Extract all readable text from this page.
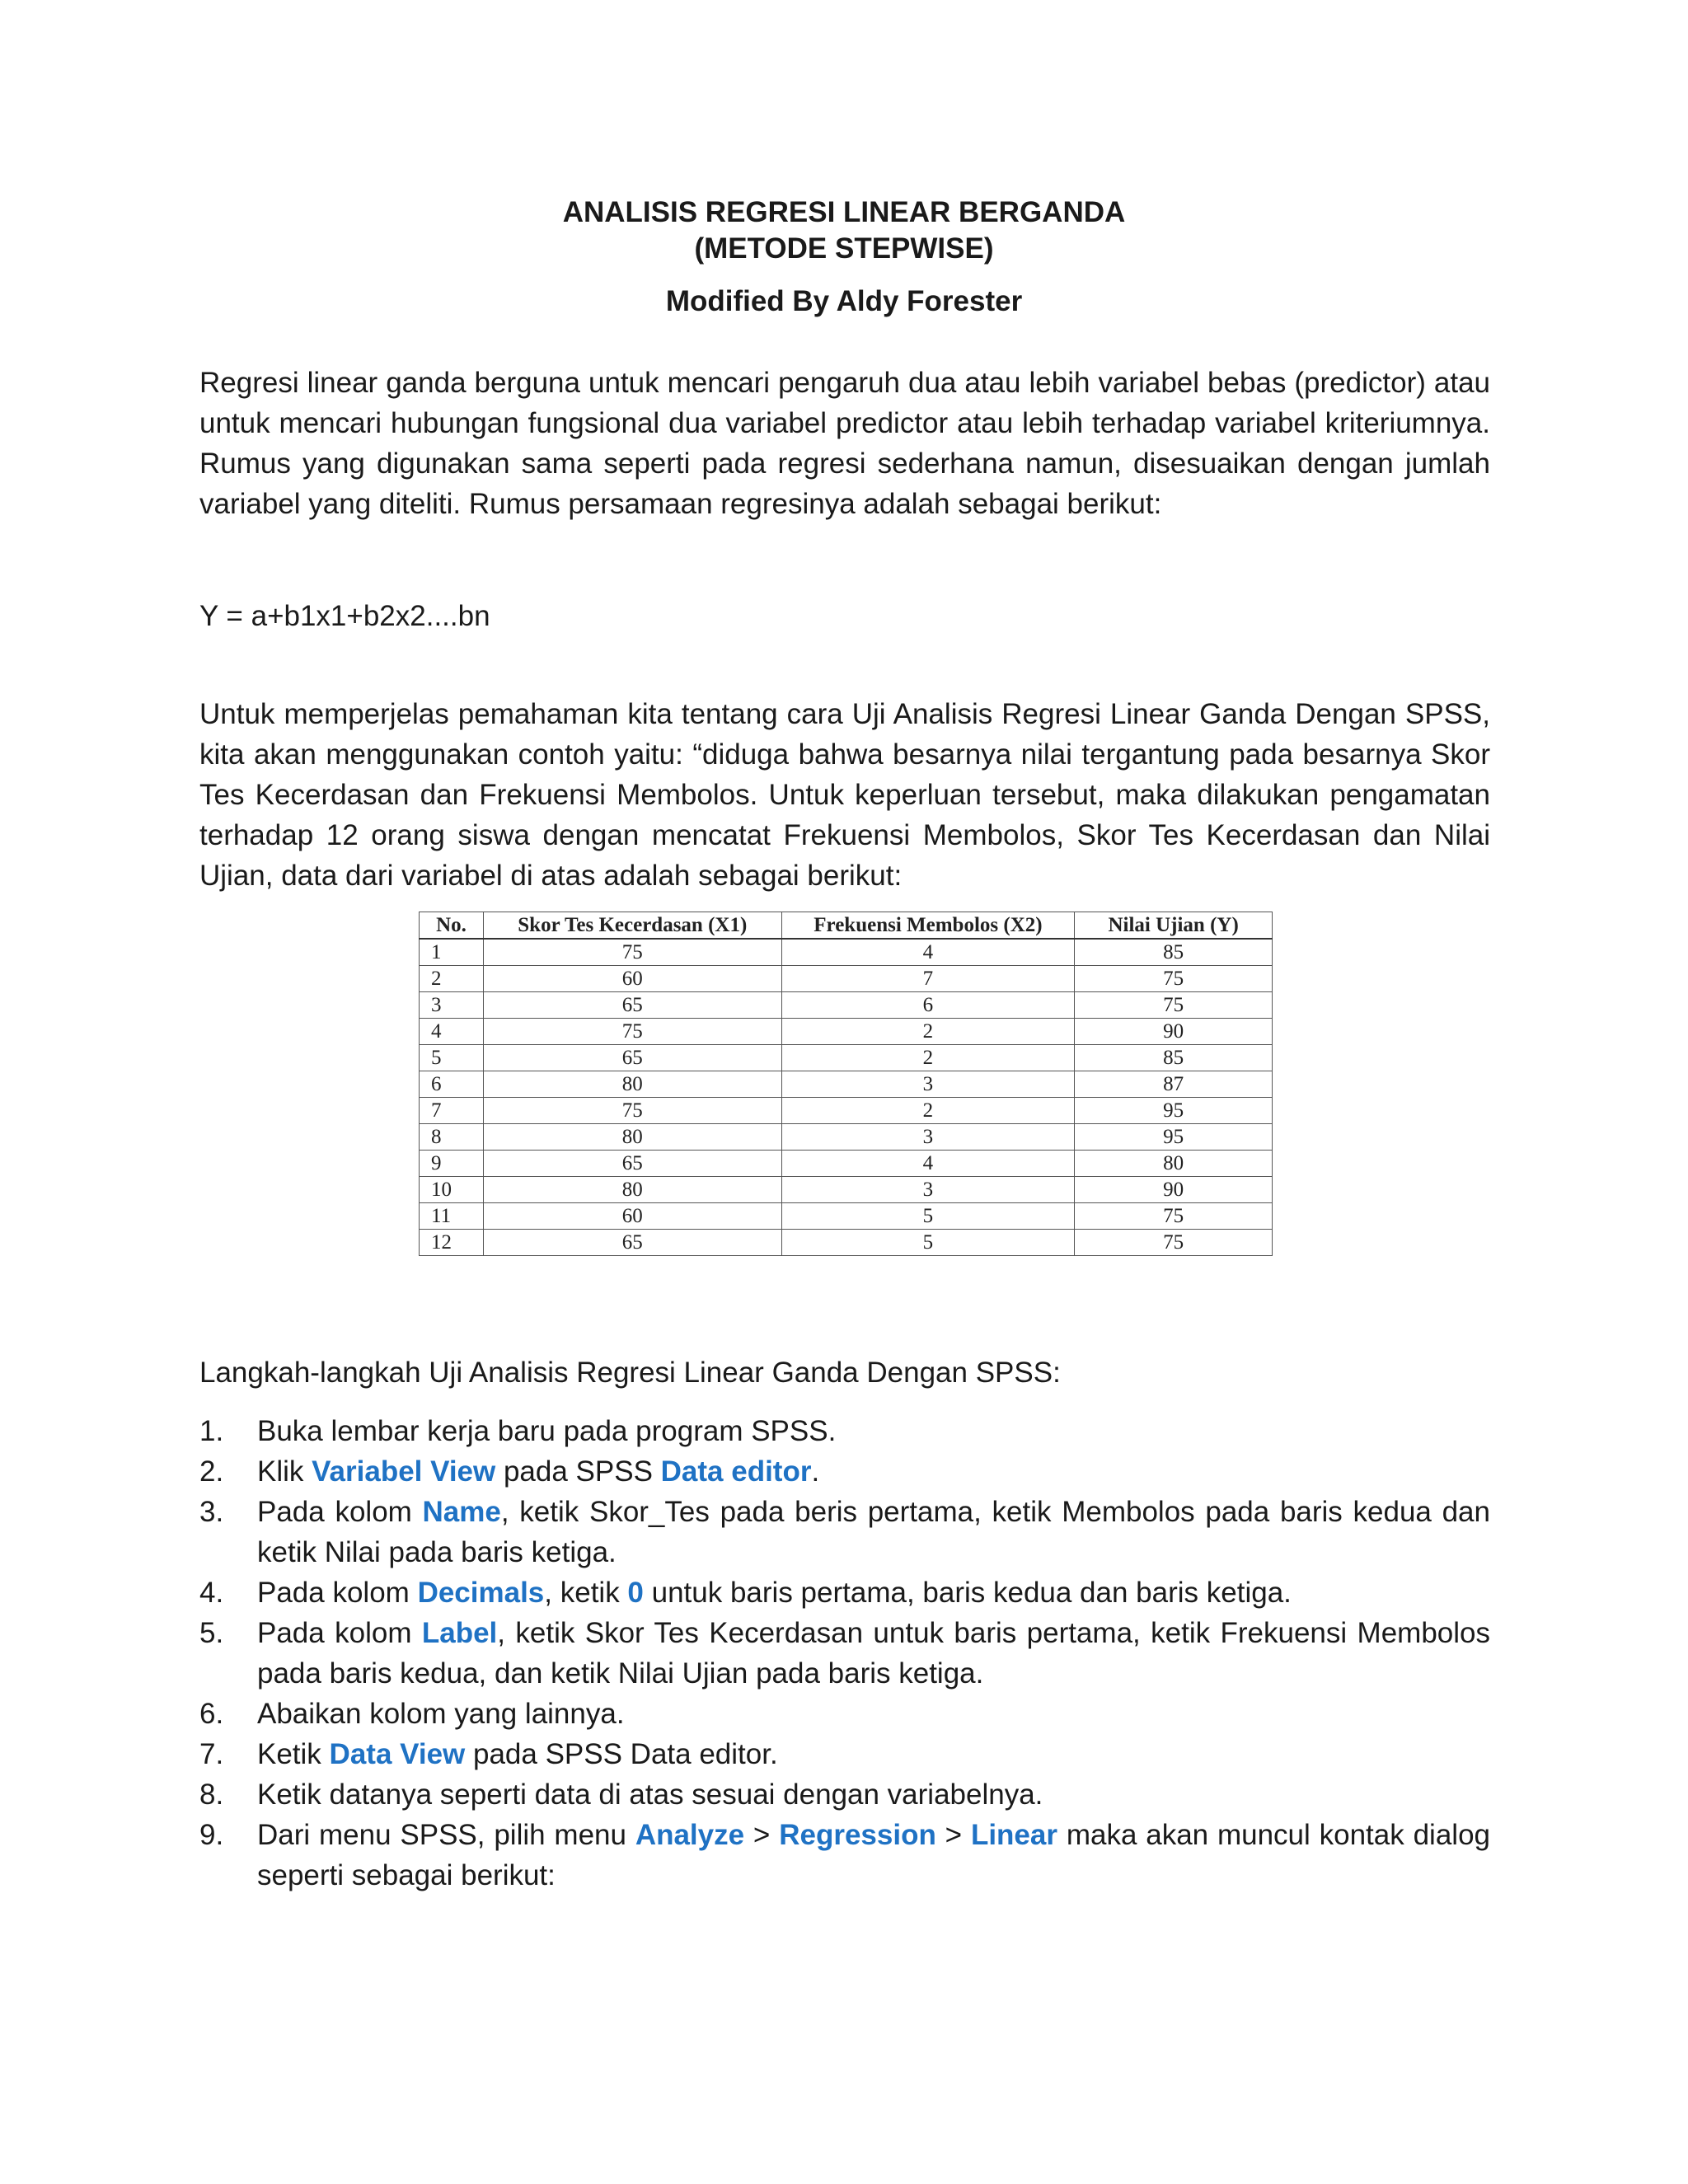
ANALISIS REGRESI LINEAR BERGANDA
(METODE STEPWISE)
Modified By Aldy Forester

Regresi linear ganda berguna untuk mencari pengaruh dua atau lebih variabel bebas (predictor) atau untuk mencari hubungan fungsional dua variabel predictor atau lebih terhadap variabel kriteriumnya. Rumus yang digunakan sama seperti pada regresi sederhana namun, disesuaikan dengan jumlah variabel yang diteliti. Rumus persamaan regresinya adalah sebagai berikut:

Y = a+b1x1+b2x2....bn

Untuk memperjelas pemahaman kita tentang cara Uji Analisis Regresi Linear Ganda Dengan SPSS, kita akan menggunakan contoh yaitu: “diduga bahwa besarnya nilai tergantung pada besarnya Skor Tes Kecerdasan dan Frekuensi Membolos. Untuk keperluan tersebut, maka dilakukan pengamatan terhadap 12 orang siswa dengan mencatat Frekuensi Membolos, Skor Tes Kecerdasan dan Nilai Ujian, data dari variabel di atas adalah sebagai berikut:

No.	Skor Tes Kecerdasan (X1)	Frekuensi Membolos (X2)	Nilai Ujian (Y)
1	75	4	85
2	60	7	75
3	65	6	75
4	75	2	90
5	65	2	85
6	80	3	87
7	75	2	95
8	80	3	95
9	65	4	80
10	80	3	90
11	60	5	75
12	65	5	75
Langkah-langkah Uji Analisis Regresi Linear Ganda Dengan SPSS:
1. Buka lembar kerja baru pada program SPSS.
2. Klik Variabel View pada SPSS Data editor.
3. Pada kolom Name, ketik Skor_Tes pada beris pertama, ketik Membolos pada baris kedua dan ketik Nilai pada baris ketiga.
4. Pada kolom Decimals, ketik 0 untuk baris pertama, baris kedua dan baris ketiga.
5. Pada kolom Label, ketik Skor Tes Kecerdasan untuk baris pertama, ketik Frekuensi Membolos pada baris kedua, dan ketik Nilai Ujian pada baris ketiga.
6. Abaikan kolom yang lainnya.
7. Ketik Data View pada SPSS Data editor.
8. Ketik datanya seperti data di atas sesuai dengan variabelnya.
9. Dari menu SPSS, pilih menu Analyze > Regression > Linear maka akan muncul kontak dialog seperti sebagai berikut:
